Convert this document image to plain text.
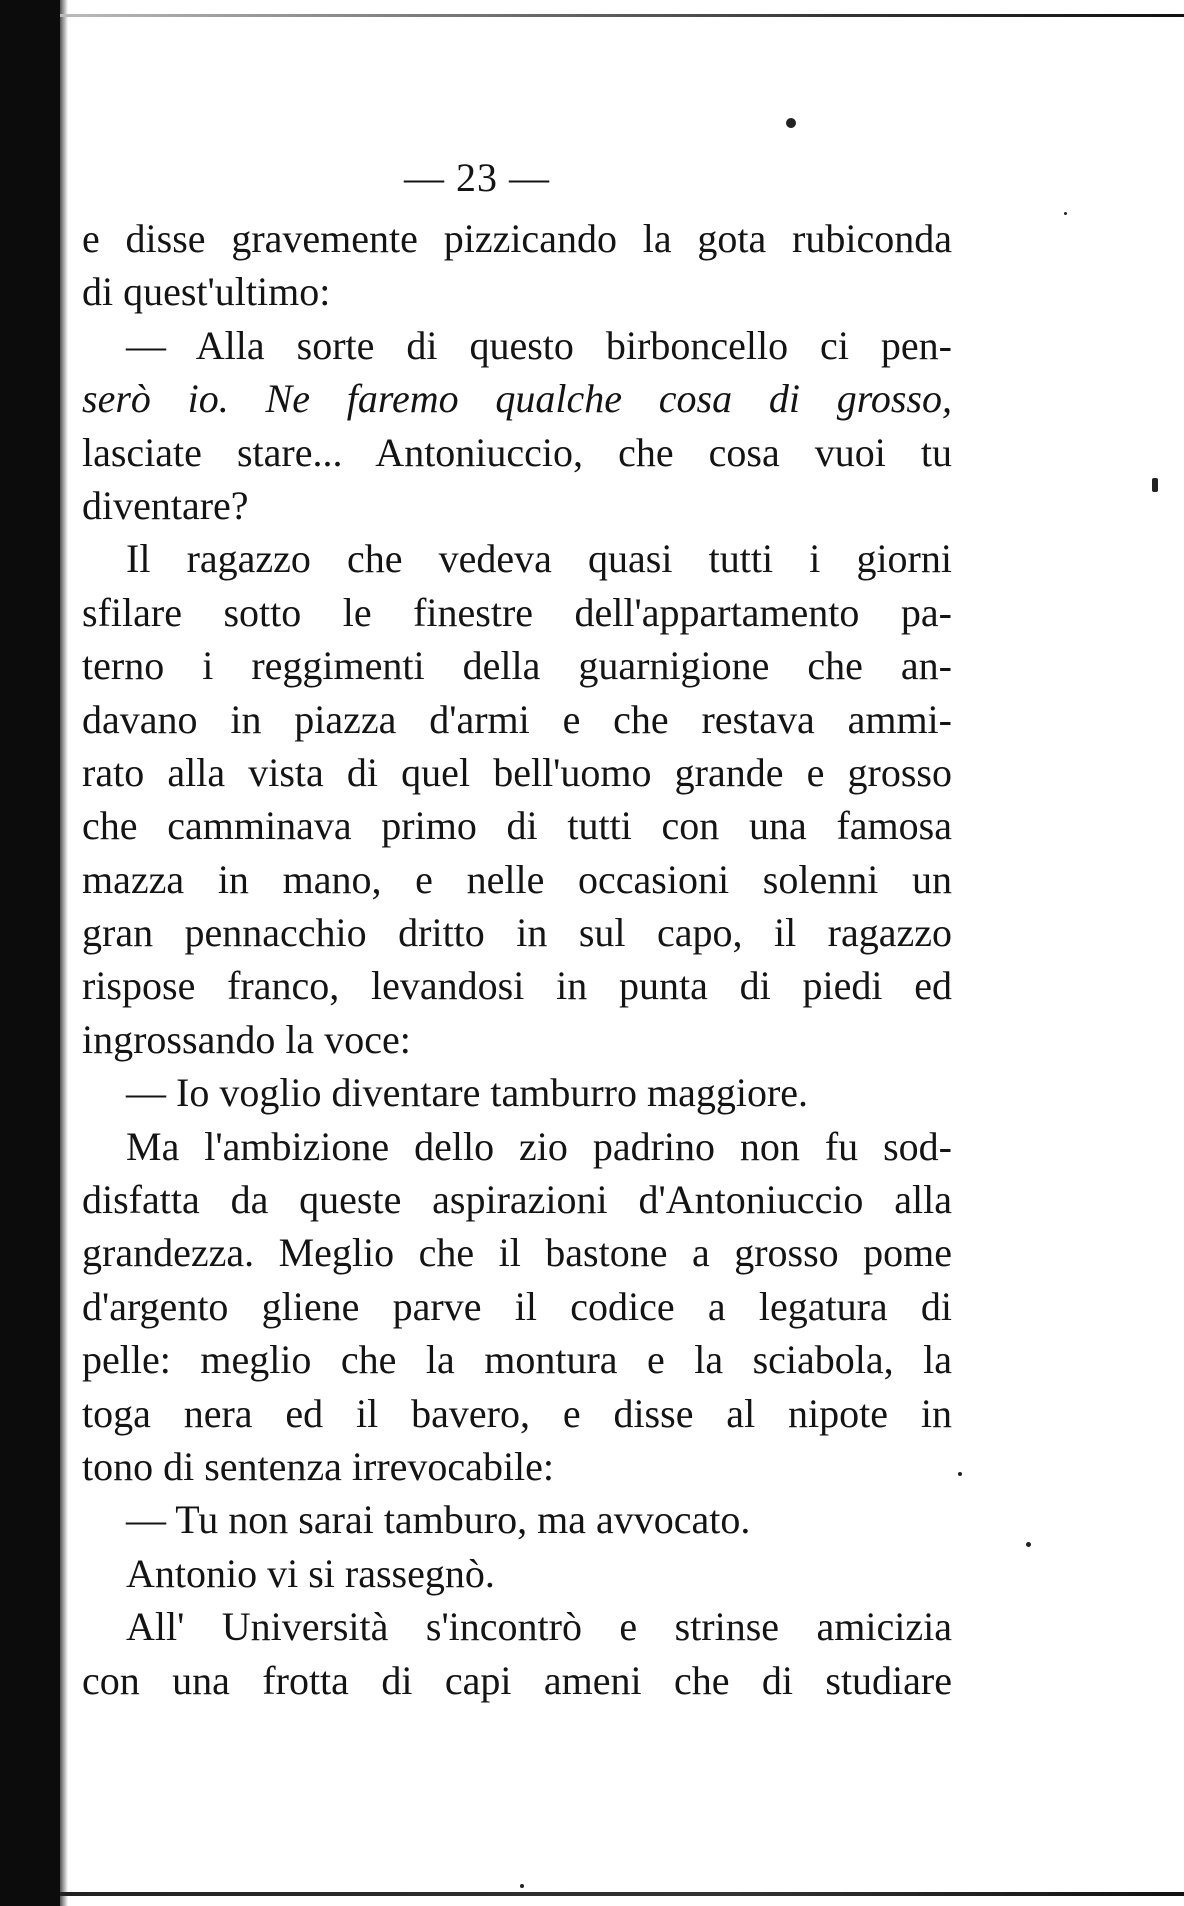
— 23 —
e disse gravemente pizzicando la gota rubiconda
di quest'ultimo:
— Alla sorte di questo birboncello ci pen-
serò io. Ne faremo qualche cosa di grosso,
lasciate stare... Antoniuccio, che cosa vuoi tu
diventare?
Il ragazzo che vedeva quasi tutti i giorni
sfilare sotto le finestre dell'appartamento pa-
terno i reggimenti della guarnigione che an-
davano in piazza d'armi e che restava ammi-
rato alla vista di quel bell'uomo grande e grosso
che camminava primo di tutti con una famosa
mazza in mano, e nelle occasioni solenni un
gran pennacchio dritto in sul capo, il ragazzo
rispose franco, levandosi in punta di piedi ed
ingrossando la voce:
— Io voglio diventare tamburro maggiore.
Ma l'ambizione dello zio padrino non fu sod-
disfatta da queste aspirazioni d'Antoniuccio alla
grandezza. Meglio che il bastone a grosso pome
d'argento gliene parve il codice a legatura di
pelle: meglio che la montura e la sciabola, la
toga nera ed il bavero, e disse al nipote in
tono di sentenza irrevocabile:
— Tu non sarai tamburo, ma avvocato.
Antonio vi si rassegnò.
All' Università s'incontrò e strinse amicizia
con una frotta di capi ameni che di studiare
